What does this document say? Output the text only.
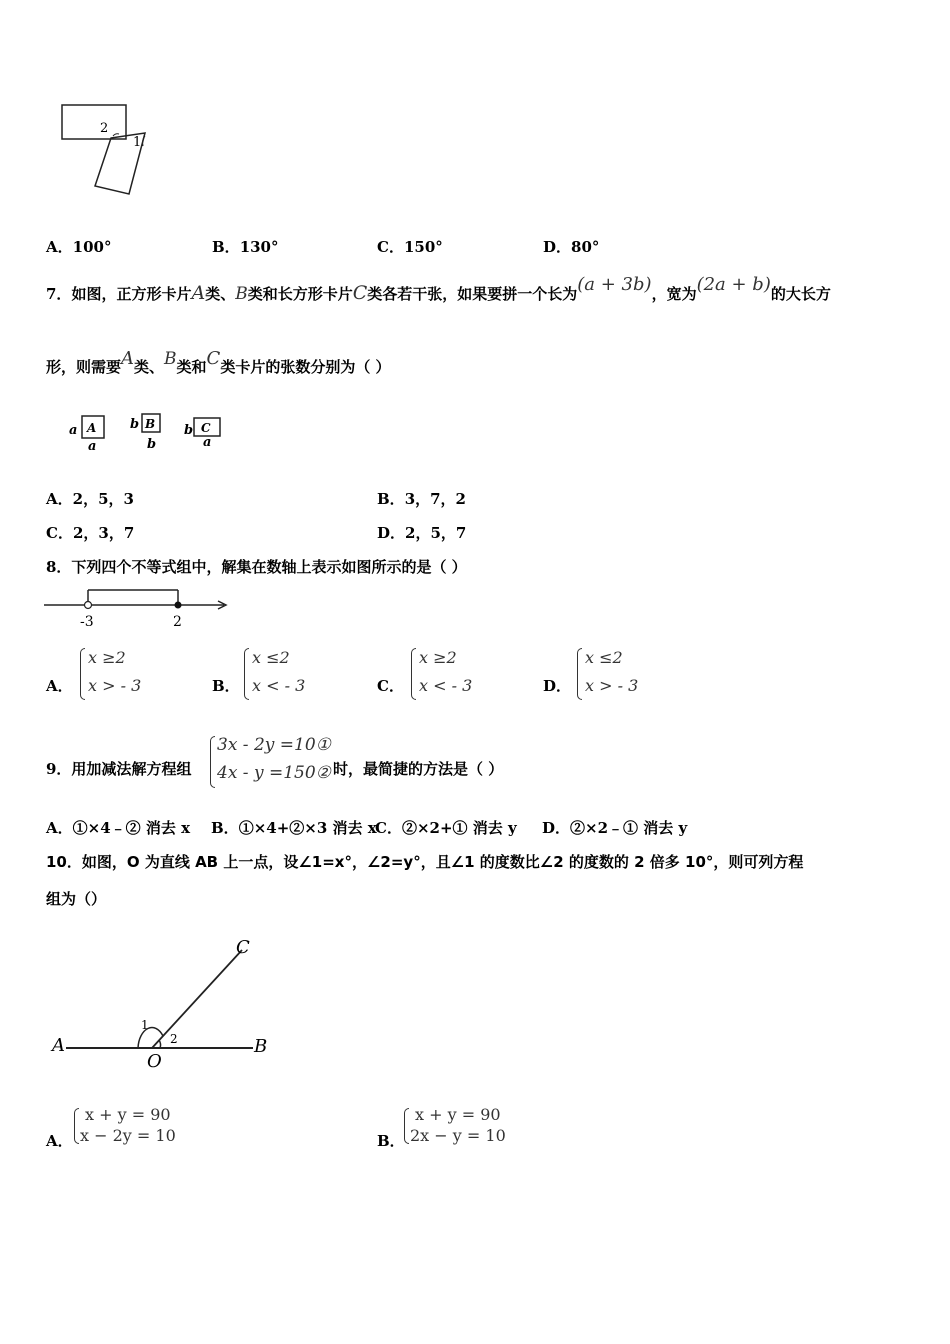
2
1
A．100°	B．130°	C．150°	D．80°
7．如图，正方形卡片A类、B类和长方形卡片C类各若干张，如果要拼一个长为(a + 3b)，宽为(2a + b)的大长方
形，则需要A类、B类和C类卡片的张数分别为（ ）
a A
a
b B
b
b C
a
A．2，5，3	B．3，7，2
C．2，3，7	D．2，5，7
8．下列四个不等式组中，解集在数轴上表示如图所示的是（ ）
-3	2
A．
x ≥2
x > - 3	B．
x ≤2
x < - 3	C．
x ≥2
x < - 3	D．
x ≤2
x > - 3
9．用加减法解方程组
3x - 2y =10①
4x - y =150② 时，最简捷的方法是（ ）
A．①×4﹣② 消去 x B．①×4+②×3 消去 x
C．②×2+① 消去 y D．②×2﹣① 消去 y
10．如图，O 为直线 AB 上一点，设∠1=x°，∠2=y°，且∠1 的度数比∠2 的度数的 2 倍多 10°，则可列方程
组为（）
A	B
C
O
1
2
A．
x + y = 90
x − 2y = 10	B．
x + y = 90
2x − y = 10
